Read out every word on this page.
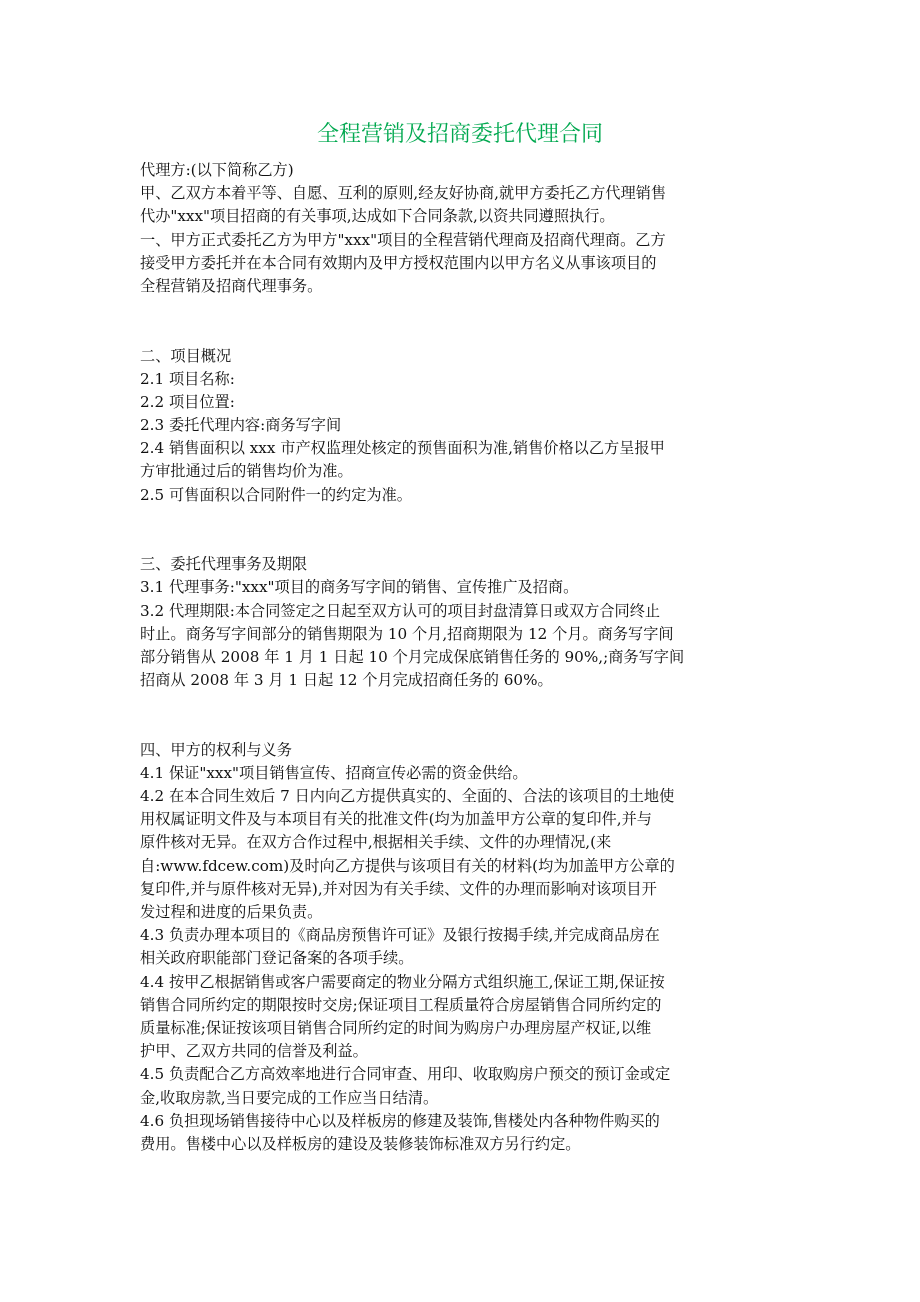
全程营销及招商委托代理合同
代理方:(以下简称乙方)
甲、乙双方本着平等、自愿、互利的原则,经友好协商,就甲方委托乙方代理销售
代办"xxx"项目招商的有关事项,达成如下合同条款,以资共同遵照执行。
一、甲方正式委托乙方为甲方"xxx"项目的全程营销代理商及招商代理商。乙方
接受甲方委托并在本合同有效期内及甲方授权范围内以甲方名义从事该项目的
全程营销及招商代理事务。
二、项目概况
2.1 项目名称:
2.2 项目位置:
2.3 委托代理内容:商务写字间
2.4 销售面积以 xxx 市产权监理处核定的预售面积为准,销售价格以乙方呈报甲
方审批通过后的销售均价为准。
2.5 可售面积以合同附件一的约定为准。
三、委托代理事务及期限
3.1 代理事务:"xxx"项目的商务写字间的销售、宣传推广及招商。
3.2 代理期限:本合同签定之日起至双方认可的项目封盘清算日或双方合同终止
时止。商务写字间部分的销售期限为 10 个月,招商期限为 12 个月。商务写字间
部分销售从 2008 年 1 月 1 日起 10 个月完成保底销售任务的 90%,;商务写字间
招商从 2008 年 3 月 1 日起 12 个月完成招商任务的 60%。
四、甲方的权利与义务
4.1 保证"xxx"项目销售宣传、招商宣传必需的资金供给。
4.2 在本合同生效后 7 日内向乙方提供真实的、全面的、合法的该项目的土地使
用权属证明文件及与本项目有关的批准文件(均为加盖甲方公章的复印件,并与
原件核对无异。在双方合作过程中,根据相关手续、文件的办理情况,(来
自:www.fdcew.com)及时向乙方提供与该项目有关的材料(均为加盖甲方公章的
复印件,并与原件核对无异),并对因为有关手续、文件的办理而影响对该项目开
发过程和进度的后果负责。
4.3 负责办理本项目的《商品房预售许可证》及银行按揭手续,并完成商品房在
相关政府职能部门登记备案的各项手续。
4.4 按甲乙根据销售或客户需要商定的物业分隔方式组织施工,保证工期,保证按
销售合同所约定的期限按时交房;保证项目工程质量符合房屋销售合同所约定的
质量标准;保证按该项目销售合同所约定的时间为购房户办理房屋产权证,以维
护甲、乙双方共同的信誉及利益。
4.5 负责配合乙方高效率地进行合同审查、用印、收取购房户预交的预订金或定
金,收取房款,当日要完成的工作应当日结清。
4.6 负担现场销售接待中心以及样板房的修建及装饰,售楼处内各种物件购买的
费用。售楼中心以及样板房的建设及装修装饰标准双方另行约定。
